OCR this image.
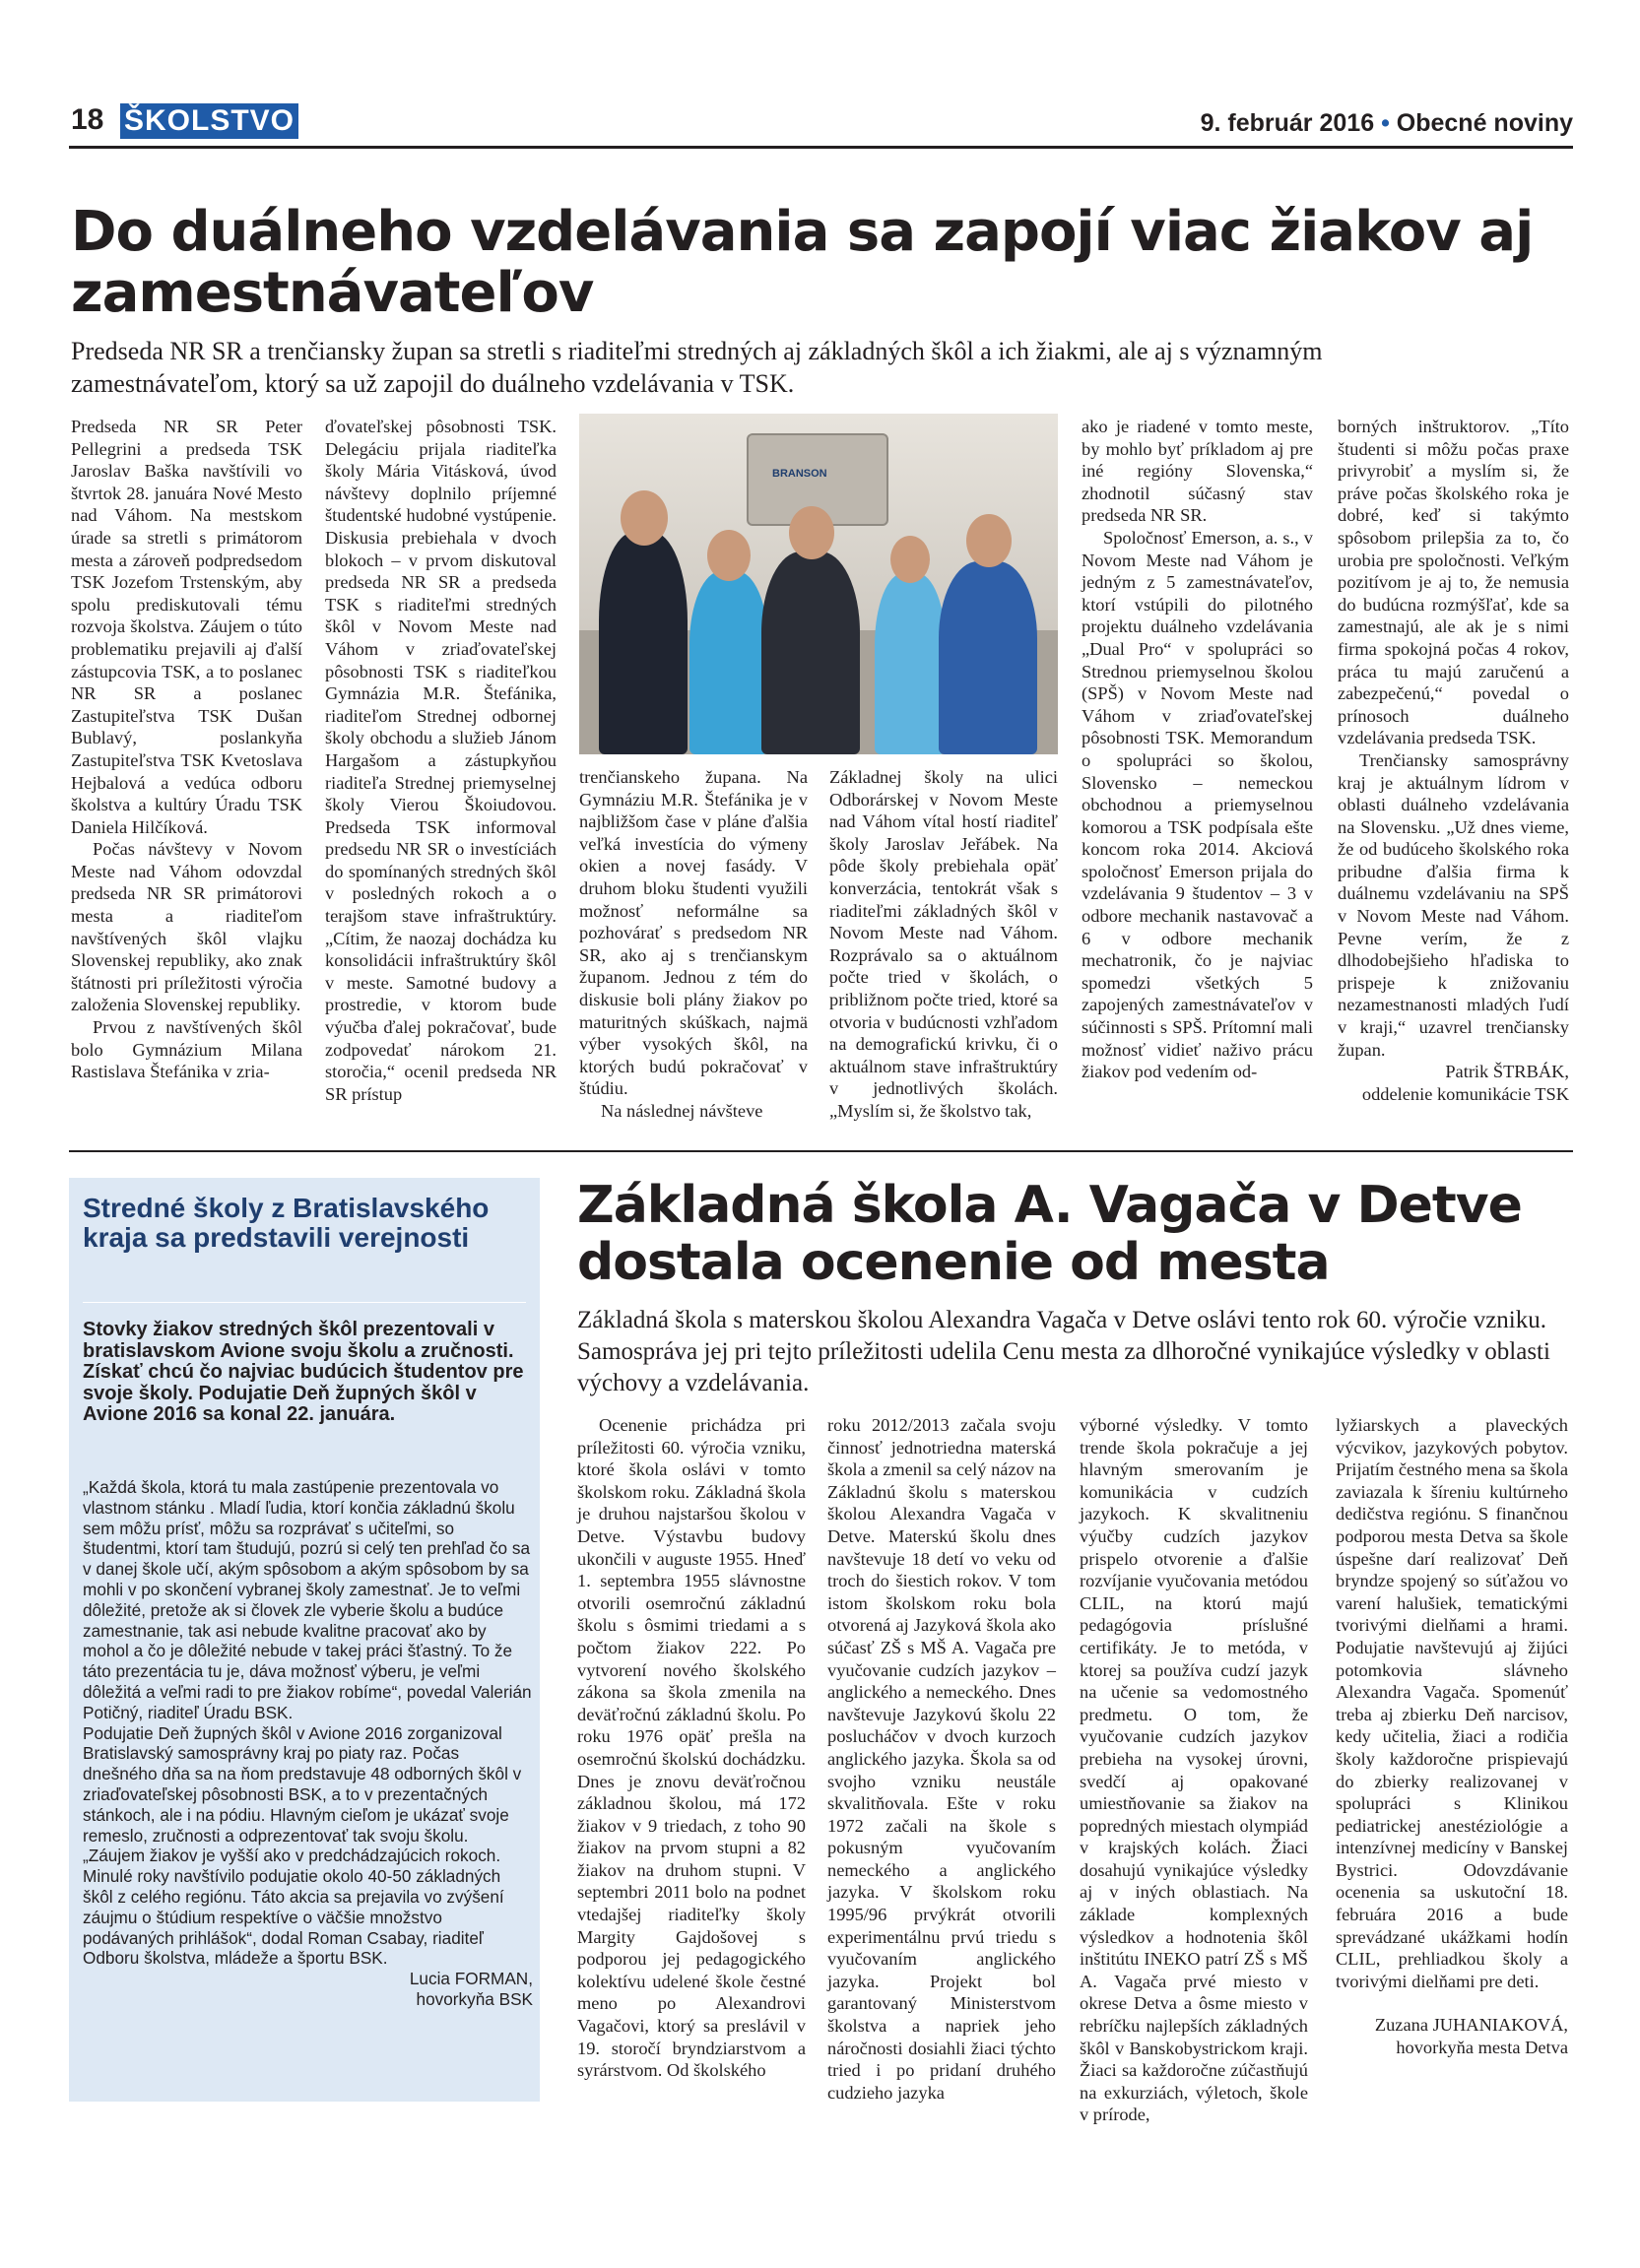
18 ŠKOLSTVO	9. február 2016 • Obecné noviny
Do duálneho vzdelávania sa zapojí viac žiakov aj zamestnávateľov

Predseda NR SR a trenčiansky župan sa stretli s riaditeľmi stredných aj základných škôl a ich žiakmi, ale aj s významným zamestnávateľom, ktorý sa už zapojil do duálneho vzdelávania v TSK.

Predseda NR SR Peter Pellegrini a predseda TSK Jaroslav Baška navštívili vo štvrtok 28. januára Nové Mesto nad Váhom. Na mestskom úrade sa stretli s primátorom mesta a zároveň podpredsedom TSK Jozefom Trstenským, aby spolu prediskutovali tému rozvoja školstva. Záujem o túto problematiku prejavili aj ďalší zástupcovia TSK, a to poslanec NR SR a poslanec Zastupiteľstva TSK Dušan Bublavý, poslankyňa Zastupiteľstva TSK Kvetoslava Hejbalová a vedúca odboru školstva a kultúry Úradu TSK Daniela Hilčíková.

Počas návštevy v Novom Meste nad Váhom odovzdal predseda NR SR primátorovi mesta a riaditeľom navštívených škôl vlajku Slovenskej republiky, ako znak štátnosti pri príležitosti výročia založenia Slovenskej republiky.

Prvou z navštívených škôl bolo Gymnázium Milana Rastislava Štefánika v zria-

ďovateľskej pôsobnosti TSK. Delegáciu prijala riaditeľka školy Mária Vitásková, úvod návštevy doplnilo príjemné študentské hudobné vystúpenie. Diskusia prebiehala v dvoch blokoch – v prvom diskutoval predseda NR SR a predseda TSK s riaditeľmi stredných škôl v Novom Meste nad Váhom v zriaďovateľskej pôsobnosti TSK s riaditeľkou Gymnázia M.R. Štefánika, riaditeľom Strednej odbornej školy obchodu a služieb Jánom Hargašom a zástupkyňou riaditeľa Strednej priemyselnej školy Vierou Škoiudovou. Predseda TSK informoval predsedu NR SR o investíciách do spomínaných stredných škôl v posledných rokoch a o terajšom stave infraštruktúry. „Cítim, že naozaj dochádza ku konsolidácii infraštruktúry škôl v meste. Samotné budovy a prostredie, v ktorom bude výučba ďalej pokračovať, bude zodpovedať nárokom 21. storočia,“ ocenil predseda NR SR prístup

BRANSON

trenčianskeho župana. Na Gymnáziu M.R. Štefánika je v najbližšom čase v pláne ďalšia veľká investícia do výmeny okien a novej fasády. V druhom bloku študenti využili možnosť neformálne sa pozhovárať s predsedom NR SR, ako aj s trenčianskym županom. Jednou z tém do diskusie boli plány žiakov po maturitných skúškach, najmä výber vysokých škôl, na ktorých budú pokračovať v štúdiu.

Na následnej návšteve

Základnej školy na ulici Odborárskej v Novom Meste nad Váhom vítal hostí riaditeľ školy Jaroslav Jeřábek. Na pôde školy prebiehala opäť konverzácia, tentokrát však s riaditeľmi základných škôl v Novom Meste nad Váhom. Rozprávalo sa o aktuálnom počte tried v školách, o približnom počte tried, ktoré sa otvoria v budúcnosti vzhľadom na demografickú krivku, či o aktuálnom stave infraštruktúry v jednotlivých školách. „Myslím si, že školstvo tak,

ako je riadené v tomto meste, by mohlo byť príkladom aj pre iné regióny Slovenska,“ zhodnotil súčasný stav predseda NR SR.

Spoločnosť Emerson, a. s., v Novom Meste nad Váhom je jedným z 5 zamestnávateľov, ktorí vstúpili do pilotného projektu duálneho vzdelávania „Dual Pro“ v spolupráci so Strednou priemyselnou školou (SPŠ) v Novom Meste nad Váhom v zriaďovateľskej pôsobnosti TSK. Memorandum o spolupráci so školou, Slovensko – nemeckou obchodnou a priemyselnou komorou a TSK podpísala ešte koncom roka 2014. Akciová spoločnosť Emerson prijala do vzdelávania 9 študentov – 3 v odbore mechanik nastavovač a 6 v odbore mechanik mechatronik, čo je najviac spomedzi všetkých 5 zapojených zamestnávateľov v súčinnosti s SPŠ. Prítomní mali možnosť vidieť naživo prácu žiakov pod vedením od-

borných inštruktorov. „Títo študenti si môžu počas praxe privyrobiť a myslím si, že práve počas školského roka je dobré, keď si takýmto spôsobom prilepšia za to, čo urobia pre spoločnosti. Veľkým pozitívom je aj to, že nemusia do budúcna rozmýšľať, kde sa zamestnajú, ale ak je s nimi firma spokojná počas 4 rokov, práca tu majú zaručenú a zabezpečenú,“ povedal o prínosoch duálneho vzdelávania predseda TSK.

Trenčiansky samosprávny kraj je aktuálnym lídrom v oblasti duálneho vzdelávania na Slovensku. „Už dnes vieme, že od budúceho školského roka pribudne ďalšia firma k duálnemu vzdelávaniu na SPŠ v Novom Meste nad Váhom. Pevne verím, že z dlhodobejšieho hľadiska to prispeje k znižovaniu nezamestnanosti mladých ľudí v kraji,“ uzavrel trenčiansky župan.

Patrik ŠTRBÁK,

oddelenie komunikácie TSK

Stredné školy z Bratislavského kraja sa predstavili verejnosti

Stovky žiakov stredných škôl prezentovali v bratislavskom Avione svoju školu a zručnosti. Získať chcú čo najviac budúcich študentov pre svoje školy. Podujatie Deň župných škôl v Avione 2016 sa konal 22. januára.

„Každá škola, ktorá tu mala zastúpenie prezentovala vo vlastnom stánku . Mladí ľudia, ktorí končia základnú školu sem môžu prísť, môžu sa rozprávať s učiteľmi, so študentmi, ktorí tam študujú, pozrú si celý ten prehľad čo sa v danej škole učí, akým spôsobom a akým spôsobom by sa mohli v po skončení vybranej školy zamestnať. Je to veľmi dôležité, pretože ak si človek zle vyberie školu a budúce zamestnanie, tak asi nebude kvalitne pracovať ako by mohol a čo je dôležité nebude v takej práci šťastný. To že táto prezentácia tu je, dáva možnosť výberu, je veľmi dôležitá a veľmi radi to pre žiakov robíme“, povedal Valerián Potičný, riaditeľ Úradu BSK.

Podujatie Deň župných škôl v Avione 2016 zorganizoval Bratislavský samosprávny kraj po piaty raz. Počas dnešného dňa sa na ňom predstavuje 48 odborných škôl v zriaďovateľskej pôsobnosti BSK, a to v prezentačných stánkoch, ale i na pódiu. Hlavným cieľom je ukázať svoje remeslo, zručnosti a odprezentovať tak svoju školu.

„Záujem žiakov je vyšší ako v predchádzajúcich rokoch. Minulé roky navštívilo podujatie okolo 40-50 základných škôl z celého regiónu. Táto akcia sa prejavila vo zvýšení záujmu o štúdium respektíve o väčšie množstvo podávaných prihlášok“, dodal Roman Csabay, riaditeľ Odboru školstva, mládeže a športu BSK.

Lucia FORMAN,

hovorkyňa BSK

Základná škola A. Vagača v Detve dostala ocenenie od mesta

Základná škola s materskou školou Alexandra Vagača v Detve oslávi tento rok 60. výročie vzniku. Samospráva jej pri tejto príležitosti udelila Cenu mesta za dlhoročné vynikajúce výsledky v oblasti výchovy a vzdelávania.

Ocenenie prichádza pri príležitosti 60. výročia vzniku, ktoré škola oslávi v tomto školskom roku. Základná škola je druhou najstaršou školou v Detve. Výstavbu budovy ukončili v auguste 1955. Hneď 1. septembra 1955 slávnostne otvorili osemročnú základnú školu s ôsmimi triedami a s počtom žiakov 222. Po vytvorení nového školského zákona sa škola zmenila na deväťročnú základnú školu. Po roku 1976 opäť prešla na osemročnú školskú dochádzku. Dnes je znovu deväťročnou základnou školou, má 172 žiakov v 9 triedach, z toho 90 žiakov na prvom stupni a 82 žiakov na druhom stupni. V septembri 2011 bolo na podnet vtedajšej riaditeľky školy Margity Gajdošovej s podporou jej pedagogického kolektívu udelené škole čestné meno po Alexandrovi Vagačovi, ktorý sa preslávil v 19. storočí bryndziarstvom a syrárstvom. Od školského

roku 2012/2013 začala svoju činnosť jednotriedna materská škola a zmenil sa celý názov na Základnú školu s materskou školou Alexandra Vagača v Detve. Materskú školu dnes navštevuje 18 detí vo veku od troch do šiestich rokov. V tom istom školskom roku bola otvorená aj Jazyková škola ako súčasť ZŠ s MŠ A. Vagača pre vyučovanie cudzích jazykov – anglického a nemeckého. Dnes navštevuje Jazykovú školu 22 poslucháčov v dvoch kurzoch anglického jazyka. Škola sa od svojho vzniku neustále skvalitňovala. Ešte v roku 1972 začali na škole s pokusným vyučovaním nemeckého a anglického jazyka. V školskom roku 1995/96 prvýkrát otvorili experimentálnu prvú triedu s vyučovaním anglického jazyka. Projekt bol garantovaný Ministerstvom školstva a napriek jeho náročnosti dosiahli žiaci týchto tried i po pridaní druhého cudzieho jazyka

výborné výsledky. V tomto trende škola pokračuje a jej hlavným smerovaním je komunikácia v cudzích jazykoch. K skvalitneniu výučby cudzích jazykov prispelo otvorenie a ďalšie rozvíjanie vyučovania metódou CLIL, na ktorú majú pedagógovia príslušné certifikáty. Je to metóda, v ktorej sa používa cudzí jazyk na učenie sa vedomostného predmetu. O tom, že vyučovanie cudzích jazykov prebieha na vysokej úrovni, svedčí aj opakované umiestňovanie sa žiakov na popredných miestach olympiád v krajských kolách. Žiaci dosahujú vynikajúce výsledky aj v iných oblastiach. Na základe komplexných výsledkov a hodnotenia škôl inštitútu INEKO patrí ZŠ s MŠ A. Vagača prvé miesto v okrese Detva a ôsme miesto v rebríčku najlepších základných škôl v Banskobystrickom kraji. Žiaci sa každoročne zúčastňujú na exkurziách, výletoch, škole v prírode,

lyžiarskych a plaveckých výcvikov, jazykových pobytov. Prijatím čestného mena sa škola zaviazala k šíreniu kultúrneho dedičstva regiónu. S finančnou podporou mesta Detva sa škole úspešne darí realizovať Deň bryndze spojený so súťažou vo varení halušiek, tematickými tvorivými dielňami a hrami. Podujatie navštevujú aj žijúci potomkovia slávneho Alexandra Vagača. Spomenúť treba aj zbierku Deň narcisov, kedy učitelia, žiaci a rodičia školy každoročne prispievajú do zbierky realizovanej v spolupráci s Klinikou pediatrickej anestéziológie a intenzívnej medicíny v Banskej Bystrici. Odovzdávanie ocenenia sa uskutoční 18. februára 2016 a bude sprevádzané ukážkami hodín CLIL, prehliadkou školy a tvorivými dielňami pre deti.

Zuzana JUHANIAKOVÁ,

hovorkyňa mesta Detva
